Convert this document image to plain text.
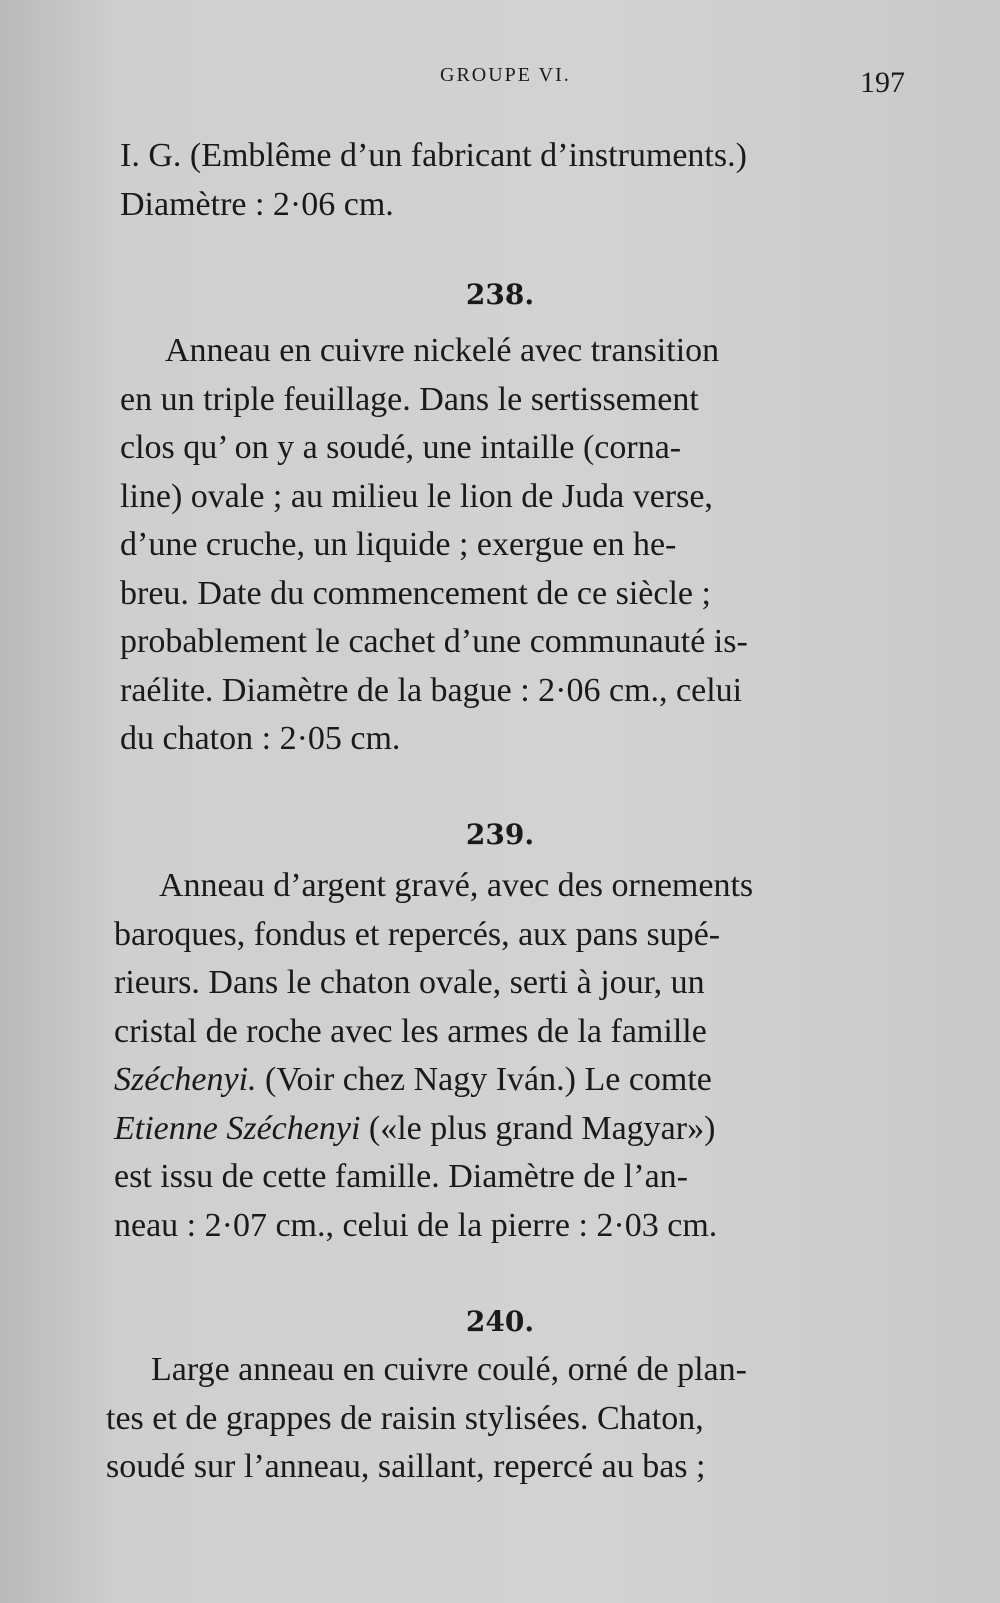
GROUPE VI.	197
I. G. (Emblême d’un fabricant d’instruments.)
Diamètre : 2·06 cm.
238.
Anneau en cuivre nickelé avec transition
en un triple feuillage. Dans le sertissement
clos qu’ on y a soudé, une intaille (corna-
line) ovale ; au milieu le lion de Juda verse,
d’une cruche, un liquide ; exergue en he-
breu. Date du commencement de ce siècle ;
probablement le cachet d’une communauté is-
raélite. Diamètre de la bague : 2·06 cm., celui
du chaton : 2·05 cm.
239.
Anneau d’argent gravé, avec des ornements
baroques, fondus et repercés, aux pans supé-
rieurs. Dans le chaton ovale, serti à jour, un
cristal de roche avec les armes de la famille
Széchenyi. (Voir chez Nagy Iván.) Le comte
Etienne Széchenyi («le plus grand Magyar»)
est issu de cette famille. Diamètre de l’an-
neau : 2·07 cm., celui de la pierre : 2·03 cm.
240.
Large anneau en cuivre coulé, orné de plan-
tes et de grappes de raisin stylisées. Chaton,
soudé sur l’anneau, saillant, repercé au bas ;
